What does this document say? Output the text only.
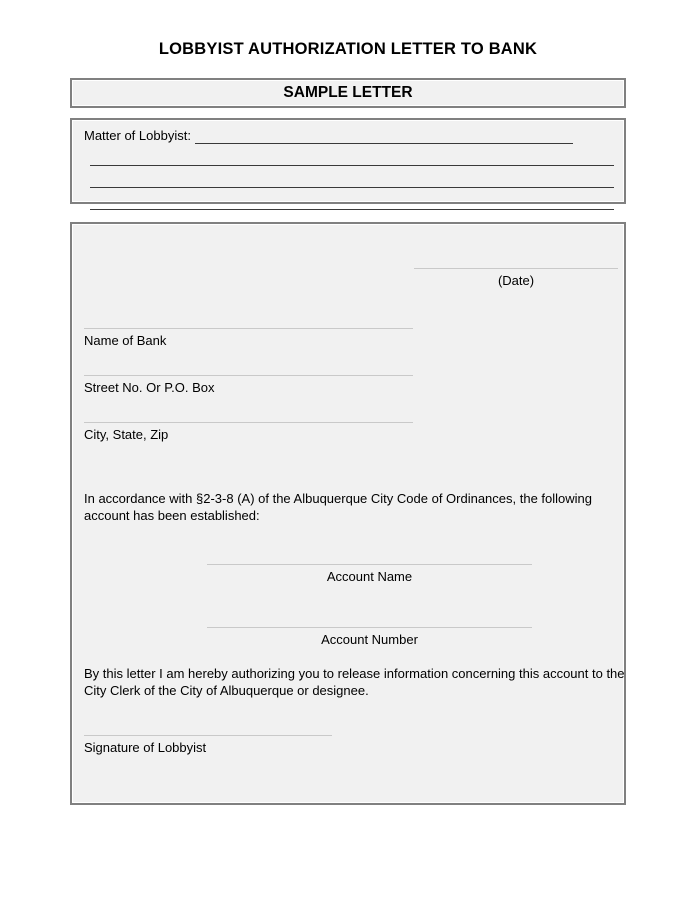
LOBBYIST AUTHORIZATION LETTER TO BANK
SAMPLE LETTER
Matter of Lobbyist:
(Date)
Name of Bank
Street No. Or P.O. Box
City, State, Zip
In accordance with §2-3-8 (A) of the Albuquerque City Code of Ordinances, the following account has been established:
Account Name
Account Number
By this letter I am hereby authorizing you to release information concerning this account to the City Clerk of the City of Albuquerque or designee.
Signature of Lobbyist
